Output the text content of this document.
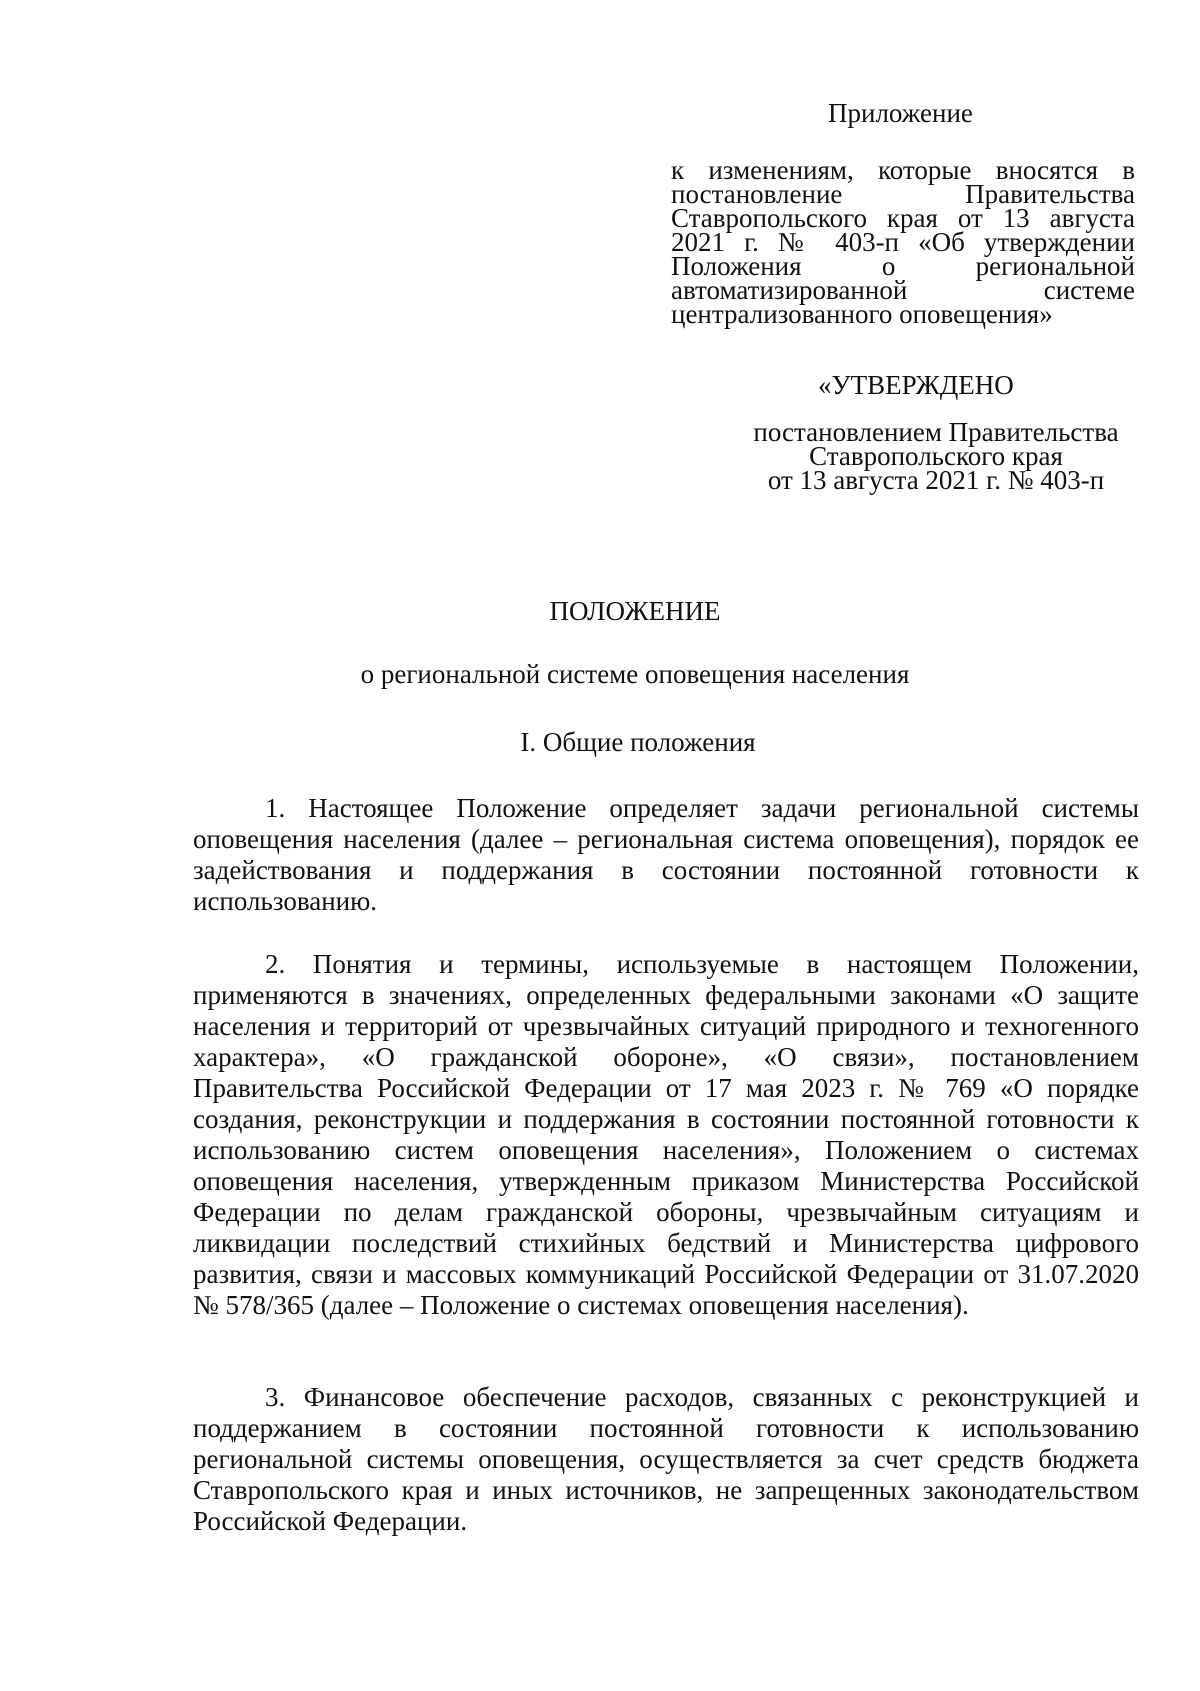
Приложение

к изменениям, которые вносятся в постановление Правительства Ставропольского края от 13 августа 2021 г. № 403-п «Об утверждении Положения о региональной автоматизированной системе централизованного оповещения»

«УТВЕРЖДЕНО

постановлением Правительства
Ставропольского края
от 13 августа 2021 г. № 403-п

ПОЛОЖЕНИЕ

о региональной системе оповещения населения

I. Общие положения

1. Настоящее Положение определяет задачи региональной системы оповещения населения (далее – региональная система оповещения), порядок ее задействования и поддержания в состоянии постоянной готовности к использованию.

2. Понятия и термины, используемые в настоящем Положении, применяются в значениях, определенных федеральными законами «О защите населения и территорий от чрезвычайных ситуаций природного и техногенного характера», «О гражданской обороне», «О связи», постановлением Правительства Российской Федерации от 17 мая 2023 г. № 769 «О порядке создания, реконструкции и поддержания в состоянии постоянной готовности к использованию систем оповещения населения», Положением о системах оповещения населения, утвержденным приказом Министерства Российской Федерации по делам гражданской обороны, чрезвычайным ситуациям и ликвидации последствий стихийных бедствий и Министерства цифрового развития, связи и массовых коммуникаций Российской Федерации от 31.07.2020 № 578/365 (далее – Положение о системах оповещения населения).

3. Финансовое обеспечение расходов, связанных с реконструкцией и поддержанием в состоянии постоянной готовности к использованию региональной системы оповещения, осуществляется за счет средств бюджета Ставропольского края и иных источников, не запрещенных законодательством Российской Федерации.
